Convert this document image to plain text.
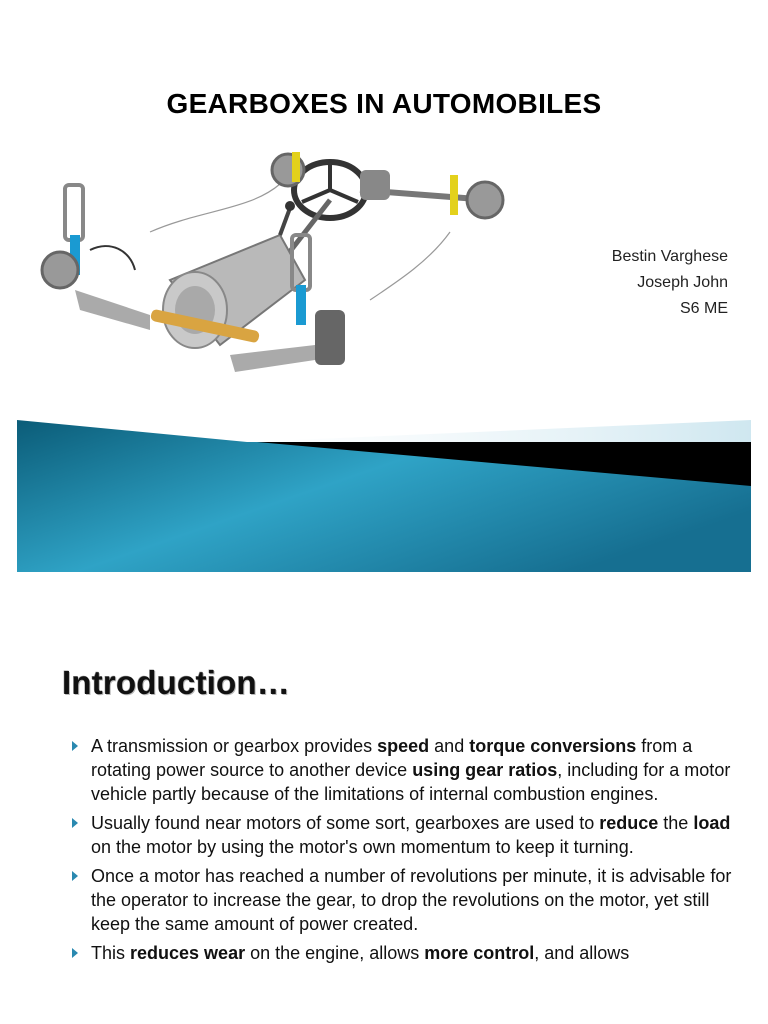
GEARBOXES IN AUTOMOBILES
Bestin Varghese
Joseph John
S6 ME
Introduction…
A transmission or gearbox provides speed and torque conversions from a rotating power source to another device using gear ratios, including for a motor vehicle partly because of the limitations of internal combustion engines.
Usually found near motors of some sort, gearboxes are used to reduce the load on the motor by using the motor's own momentum to keep it turning.
Once a motor has reached a number of revolutions per minute, it is advisable for the operator to increase the gear, to drop the revolutions on the motor, yet still keep the same amount of power created.
This reduces wear on the engine, allows more control, and allows
